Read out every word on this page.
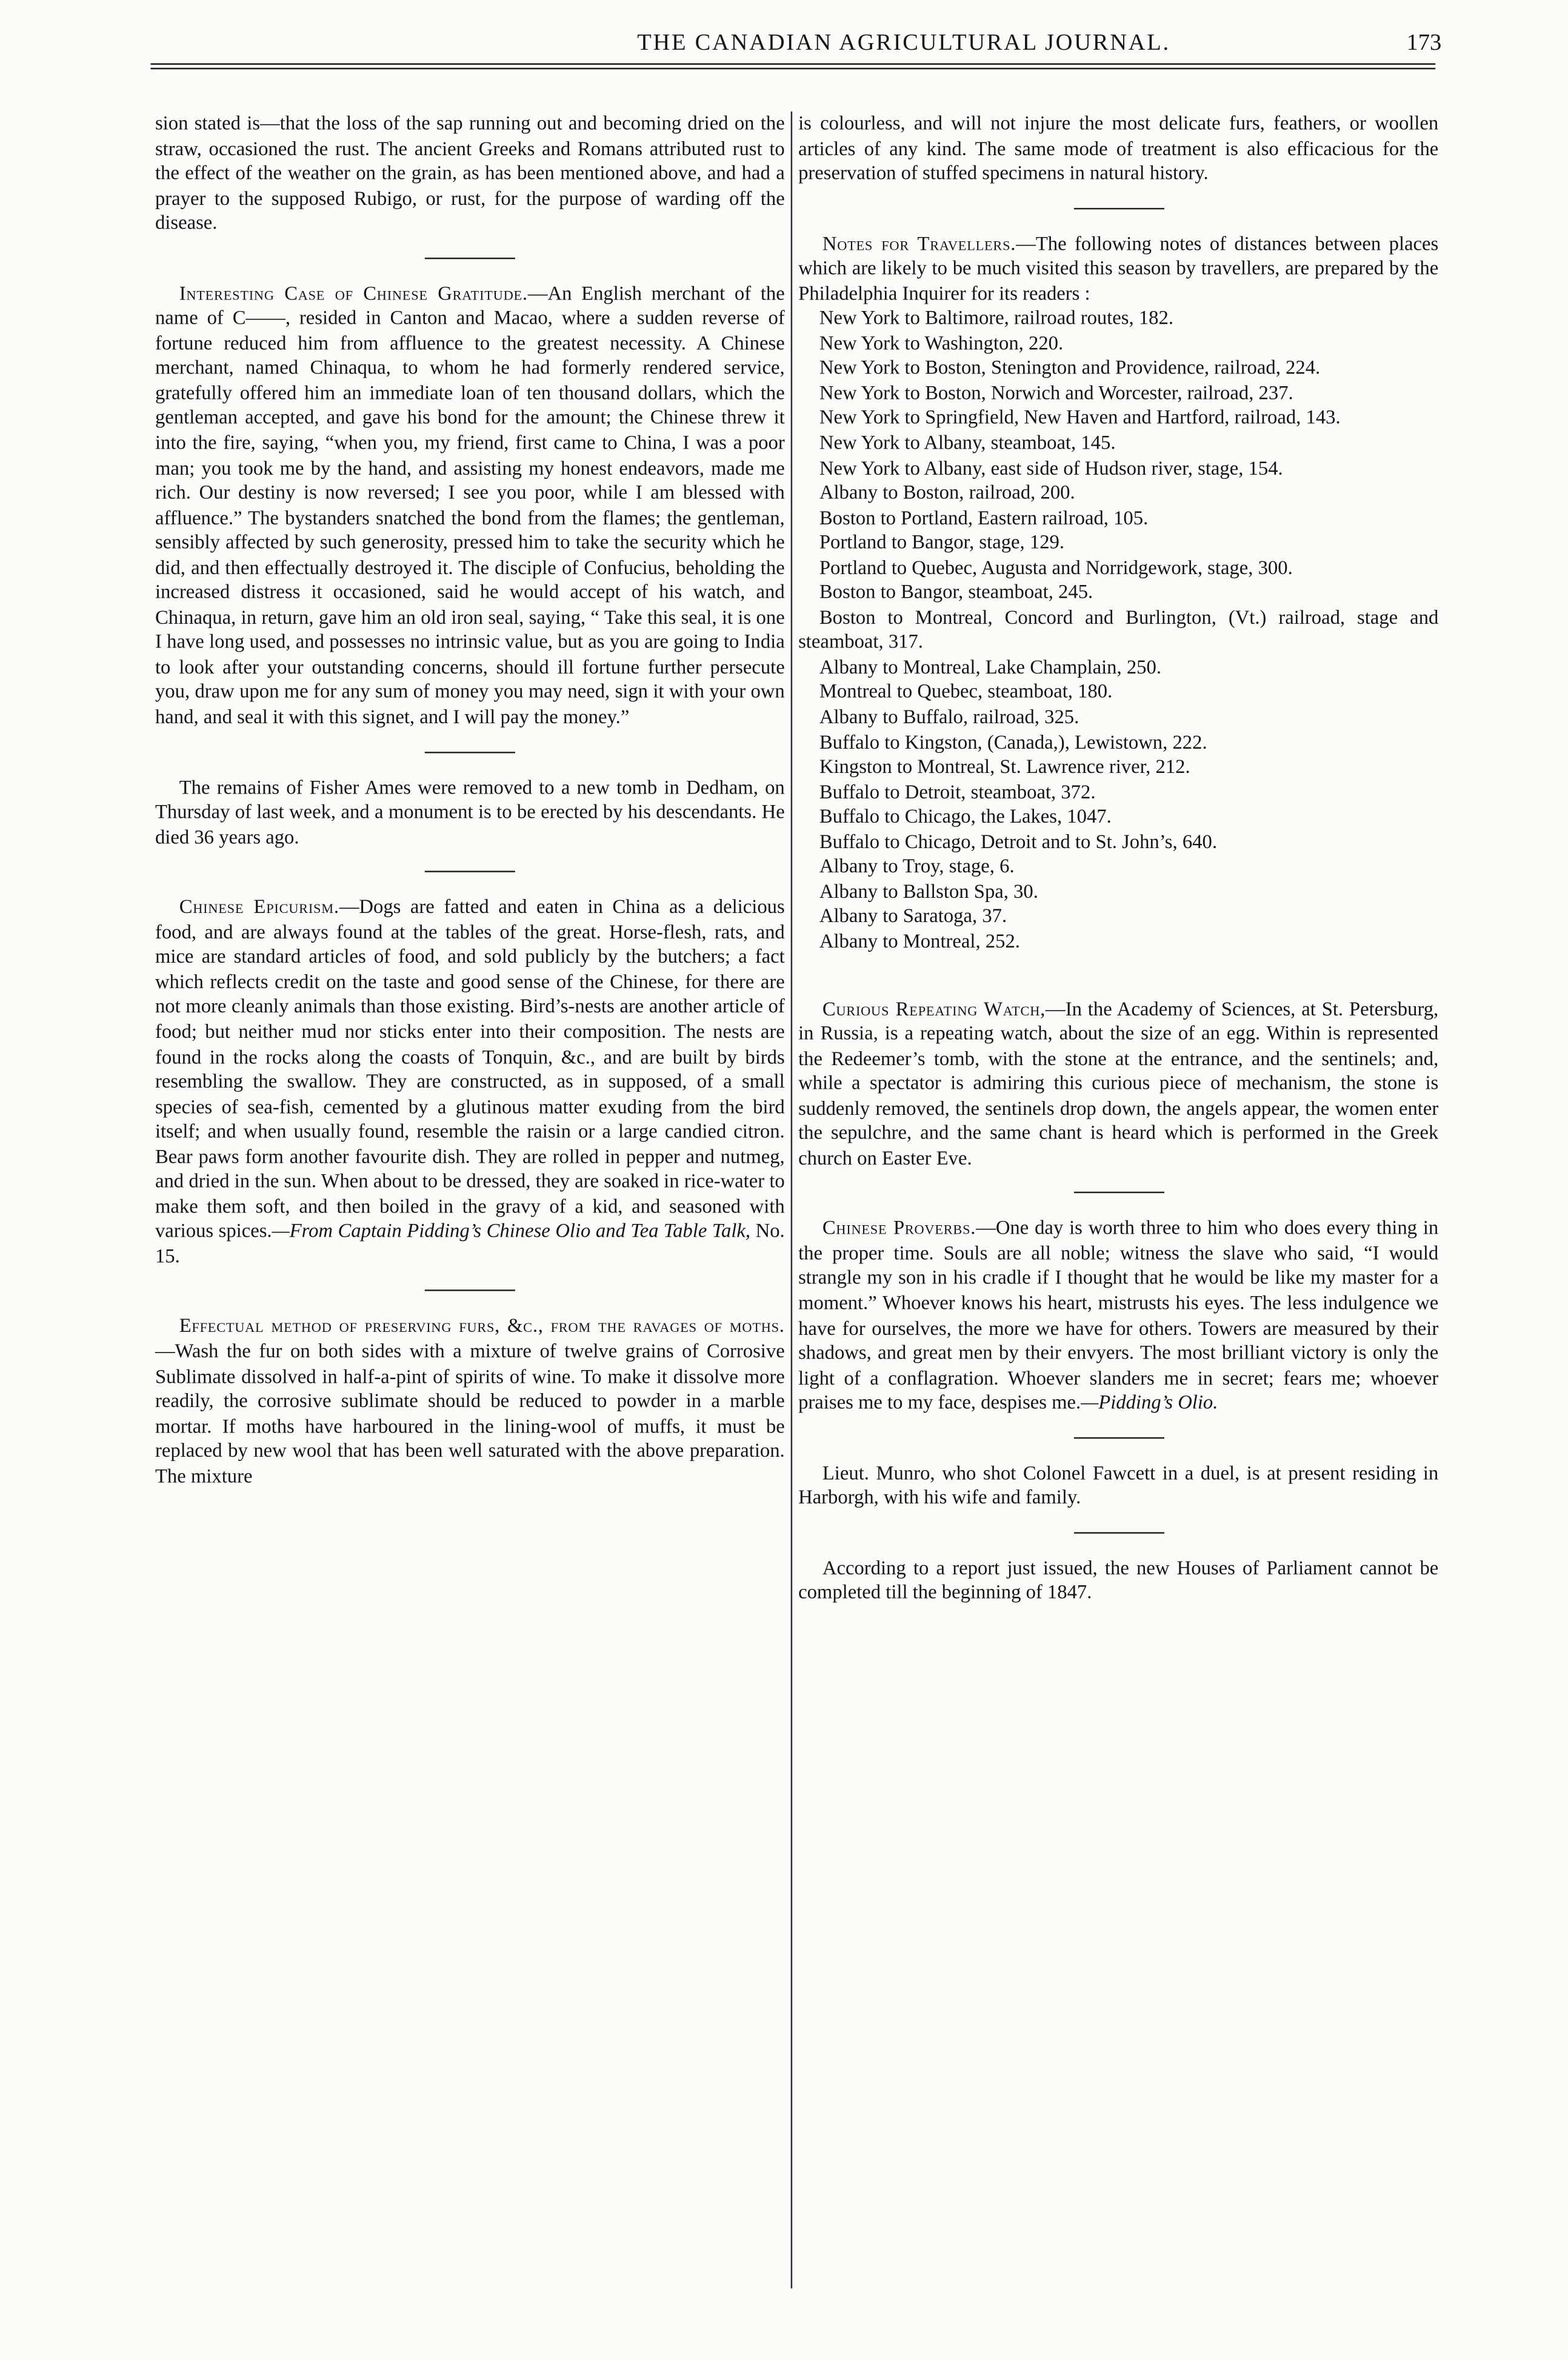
THE CANADIAN AGRICULTURAL JOURNAL.	173

sion stated is—that the loss of the sap running out and becoming dried on the straw, occasioned the rust. The ancient Greeks and Romans attributed rust to the effect of the weather on the grain, as has been mentioned above, and had a prayer to the supposed Rubigo, or rust, for the purpose of warding off the disease.

Interesting Case of Chinese Gratitude.—An English merchant of the name of C——, resided in Canton and Macao, where a sudden reverse of fortune reduced him from affluence to the greatest necessity. A Chinese merchant, named Chinaqua, to whom he had formerly rendered service, gratefully offered him an immediate loan of ten thousand dollars, which the gentleman accepted, and gave his bond for the amount; the Chinese threw it into the fire, saying, “when you, my friend, first came to China, I was a poor man; you took me by the hand, and assisting my honest endeavors, made me rich. Our destiny is now reversed; I see you poor, while I am blessed with affluence.” The bystanders snatched the bond from the flames; the gentleman, sensibly affected by such generosity, pressed him to take the security which he did, and then effectually destroyed it. The disciple of Confucius, beholding the increased distress it occasioned, said he would accept of his watch, and Chinaqua, in return, gave him an old iron seal, saying, “ Take this seal, it is one I have long used, and possesses no intrinsic value, but as you are going to India to look after your outstanding concerns, should ill fortune further persecute you, draw upon me for any sum of money you may need, sign it with your own hand, and seal it with this signet, and I will pay the money.”

The remains of Fisher Ames were removed to a new tomb in Dedham, on Thursday of last week, and a monument is to be erected by his descendants. He died 36 years ago.

Chinese Epicurism.—Dogs are fatted and eaten in China as a delicious food, and are always found at the tables of the great. Horse-flesh, rats, and mice are standard articles of food, and sold publicly by the butchers; a fact which reflects credit on the taste and good sense of the Chinese, for there are not more cleanly animals than those existing. Bird’s-nests are another article of food; but neither mud nor sticks enter into their composition. The nests are found in the rocks along the coasts of Tonquin, &c., and are built by birds resembling the swallow. They are constructed, as in supposed, of a small species of sea-fish, cemented by a glutinous matter exuding from the bird itself; and when usually found, resemble the raisin or a large candied citron. Bear paws form another favourite dish. They are rolled in pepper and nutmeg, and dried in the sun. When about to be dressed, they are soaked in rice-water to make them soft, and then boiled in the gravy of a kid, and seasoned with various spices.—From Captain Pidding’s Chinese Olio and Tea Table Talk, No. 15.

Effectual method of preserving furs, &c., from the ravages of moths.—Wash the fur on both sides with a mixture of twelve grains of Corrosive Sublimate dissolved in half-a-pint of spirits of wine. To make it dissolve more readily, the corrosive sublimate should be reduced to powder in a marble mortar. If moths have harboured in the lining-wool of muffs, it must be replaced by new wool that has been well saturated with the above preparation. The mixture

is colourless, and will not injure the most delicate furs, feathers, or woollen articles of any kind. The same mode of treatment is also efficacious for the preservation of stuffed specimens in natural history.

Notes for Travellers.—The following notes of distances between places which are likely to be much visited this season by travellers, are prepared by the Philadelphia Inquirer for its readers :

New York to Baltimore, railroad routes, 182.
New York to Washington, 220.
New York to Boston, Stenington and Providence, railroad, 224.
New York to Boston, Norwich and Worcester, railroad, 237.
New York to Springfield, New Haven and Hartford, railroad, 143.
New York to Albany, steamboat, 145.
New York to Albany, east side of Hudson river, stage, 154.
Albany to Boston, railroad, 200.
Boston to Portland, Eastern railroad, 105.
Portland to Bangor, stage, 129.
Portland to Quebec, Augusta and Norridgework, stage, 300.
Boston to Bangor, steamboat, 245.
Boston to Montreal, Concord and Burlington, (Vt.) railroad, stage and steamboat, 317.
Albany to Montreal, Lake Champlain, 250.
Montreal to Quebec, steamboat, 180.
Albany to Buffalo, railroad, 325.
Buffalo to Kingston, (Canada,), Lewistown, 222.
Kingston to Montreal, St. Lawrence river, 212.
Buffalo to Detroit, steamboat, 372.
Buffalo to Chicago, the Lakes, 1047.
Buffalo to Chicago, Detroit and to St. John’s, 640.
Albany to Troy, stage, 6.
Albany to Ballston Spa, 30.
Albany to Saratoga, 37.
Albany to Montreal, 252.

Curious Repeating Watch,—In the Academy of Sciences, at St. Petersburg, in Russia, is a repeating watch, about the size of an egg. Within is represented the Redeemer’s tomb, with the stone at the entrance, and the sentinels; and, while a spectator is admiring this curious piece of mechanism, the stone is suddenly removed, the sentinels drop down, the angels appear, the women enter the sepulchre, and the same chant is heard which is performed in the Greek church on Easter Eve.

Chinese Proverbs.—One day is worth three to him who does every thing in the proper time. Souls are all noble; witness the slave who said, “I would strangle my son in his cradle if I thought that he would be like my master for a moment.” Whoever knows his heart, mistrusts his eyes. The less indulgence we have for ourselves, the more we have for others. Towers are measured by their shadows, and great men by their envyers. The most brilliant victory is only the light of a conflagration. Whoever slanders me in secret; fears me; whoever praises me to my face, despises me.—Pidding’s Olio.

Lieut. Munro, who shot Colonel Fawcett in a duel, is at present residing in Harborgh, with his wife and family.

According to a report just issued, the new Houses of Parliament cannot be completed till the beginning of 1847.
